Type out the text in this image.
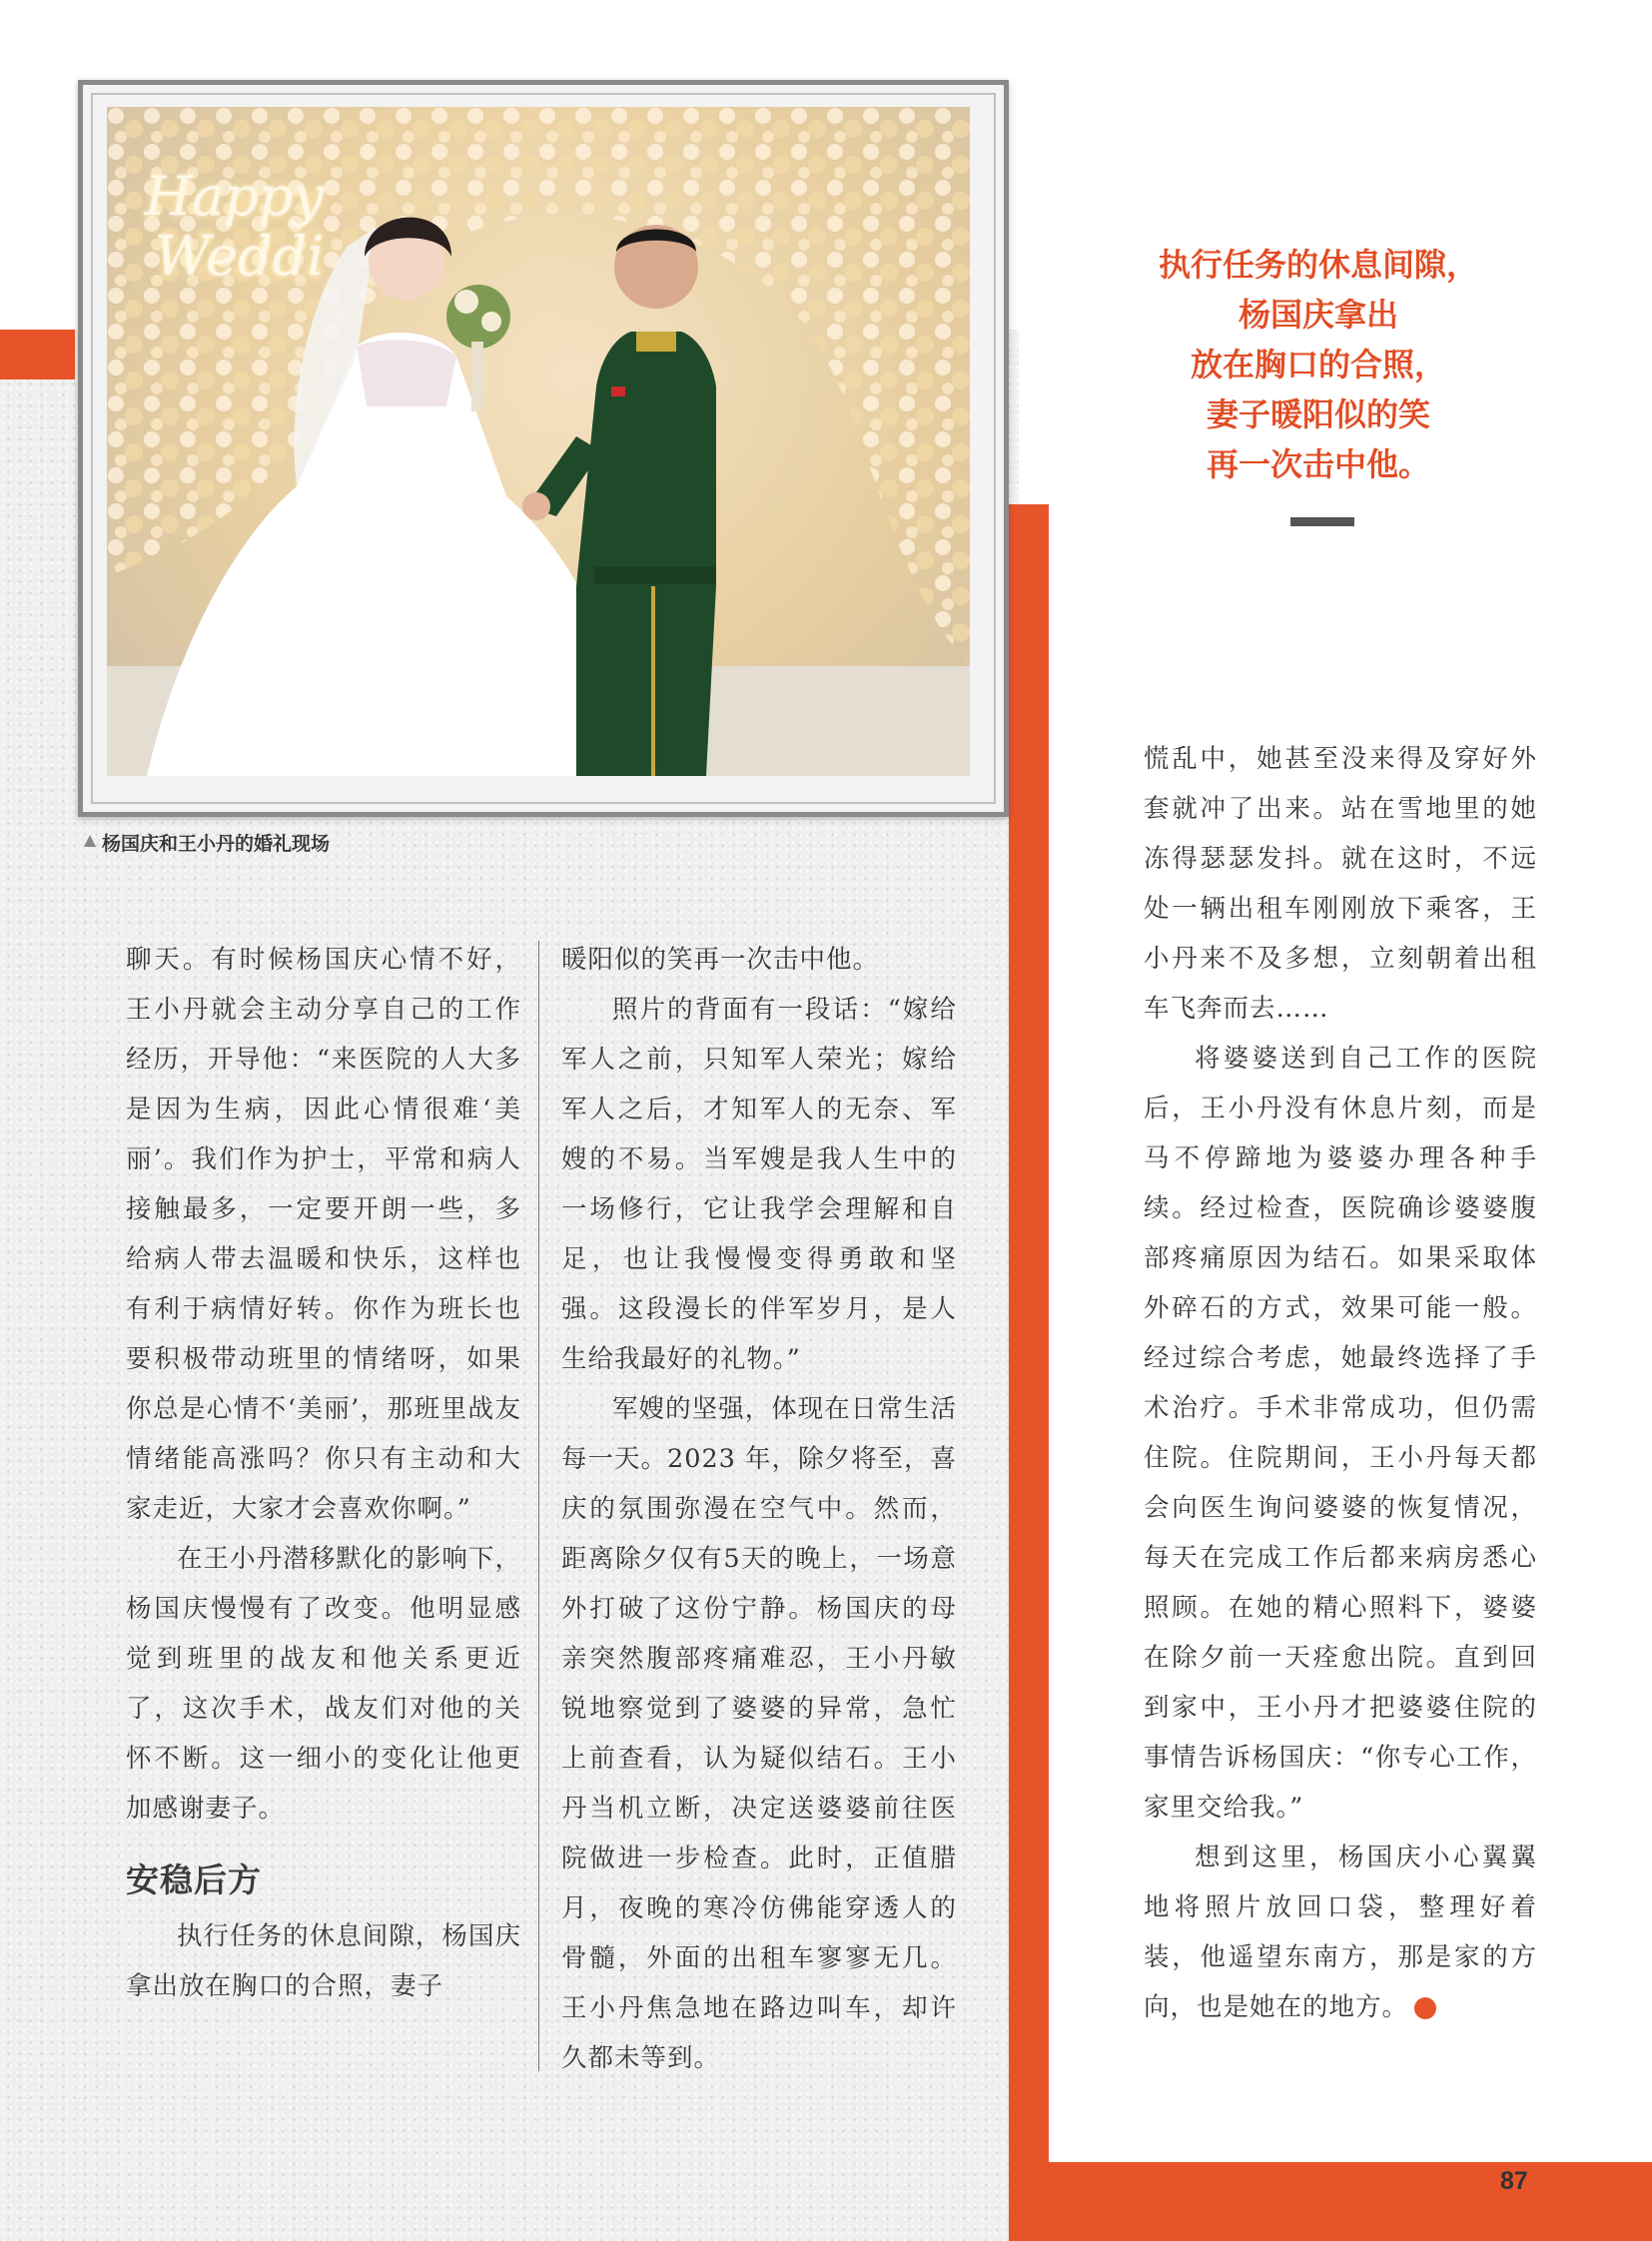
Happy
Weddi
杨国庆和王小丹的婚礼现场
执行任务的休息间隙，
杨国庆拿出
放在胸口的合照，
妻子暖阳似的笑
再一次击中他。

聊天。有时候杨国庆心情不好，王小丹就会主动分享自己的工作经历，开导他：“来医院的人大多是因为生病，因此心情很难‘美丽’。我们作为护士，平常和病人接触最多，一定要开朗一些，多给病人带去温暖和快乐，这样也有利于病情好转。你作为班长也要积极带动班里的情绪呀，如果你总是心情不‘美丽’，那班里战友情绪能高涨吗？你只有主动和大家走近，大家才会喜欢你啊。”

在王小丹潜移默化的影响下，杨国庆慢慢有了改变。他明显感觉到班里的战友和他关系更近了，这次手术，战友们对他的关怀不断。这一细小的变化让他更加感谢妻子。

安稳后方

执行任务的休息间隙，杨国庆拿出放在胸口的合照，妻子

暖阳似的笑再一次击中他。

照片的背面有一段话：“嫁给军人之前，只知军人荣光；嫁给军人之后，才知军人的无奈、军嫂的不易。当军嫂是我人生中的一场修行，它让我学会理解和自足，也让我慢慢变得勇敢和坚强。这段漫长的伴军岁月，是人生给我最好的礼物。”

军嫂的坚强，体现在日常生活每一天。2023 年，除夕将至，喜庆的氛围弥漫在空气中。然而，距离除夕仅有5天的晚上，一场意外打破了这份宁静。杨国庆的母亲突然腹部疼痛难忍，王小丹敏锐地察觉到了婆婆的异常，急忙上前查看，认为疑似结石。王小丹当机立断，决定送婆婆前往医院做进一步检查。此时，正值腊月，夜晚的寒冷仿佛能穿透人的骨髓，外面的出租车寥寥无几。王小丹焦急地在路边叫车，却许久都未等到。

慌乱中，她甚至没来得及穿好外套就冲了出来。站在雪地里的她冻得瑟瑟发抖。就在这时，不远处一辆出租车刚刚放下乘客，王小丹来不及多想，立刻朝着出租车飞奔而去……

将婆婆送到自己工作的医院后，王小丹没有休息片刻，而是马不停蹄地为婆婆办理各种手续。经过检查，医院确诊婆婆腹部疼痛原因为结石。如果采取体外碎石的方式，效果可能一般。经过综合考虑，她最终选择了手术治疗。手术非常成功，但仍需住院。住院期间，王小丹每天都会向医生询问婆婆的恢复情况，每天在完成工作后都来病房悉心照顾。在她的精心照料下，婆婆在除夕前一天痊愈出院。直到回到家中，王小丹才把婆婆住院的事情告诉杨国庆：“你专心工作，家里交给我。”

想到这里，杨国庆小心翼翼地将照片放回口袋，整理好着装，他遥望东南方，那是家的方向，也是她在的地方。	N

87
